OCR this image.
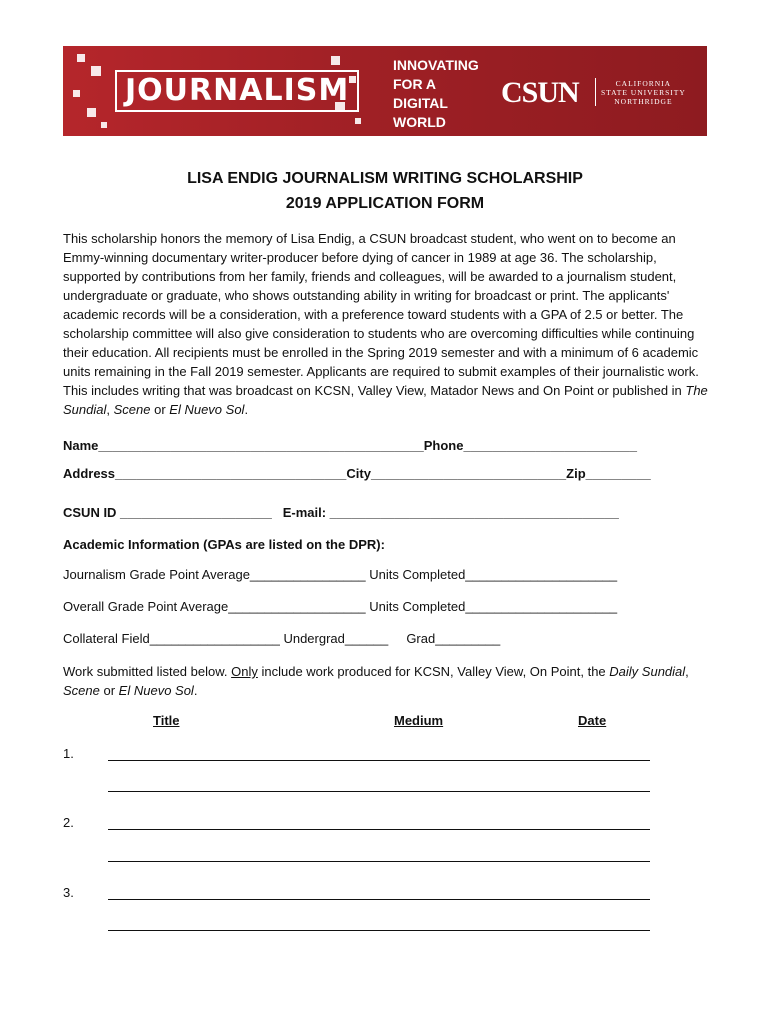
JOURNALISM
INNOVATING
FOR A
DIGITAL
WORLD
CSUN	CALIFORNIA
STATE UNIVERSITY
NORTHRIDGE
LISA ENDIG JOURNALISM WRITING SCHOLARSHIP
2019 APPLICATION FORM

This scholarship honors the memory of Lisa Endig, a CSUN broadcast student, who went on to become an Emmy-winning documentary writer-producer before dying of cancer in 1989 at age 36. The scholarship, supported by contributions from her family, friends and colleagues, will be awarded to a journalism student, undergraduate or graduate, who shows outstanding ability in writing for broadcast or print. The applicants' academic records will be a consideration, with a preference toward students with a GPA of 2.5 or better. The scholarship committee will also give consideration to students who are overcoming difficulties while continuing their education. All recipients must be enrolled in the Spring 2019 semester and with a minimum of 6 academic units remaining in the Fall 2019 semester. Applicants are required to submit examples of their journalistic work. This includes writing that was broadcast on KCSN, Valley View, Matador News and On Point or published in The Sundial, Scene or El Nuevo Sol.

Name_____________________________________________Phone________________________
Address________________________________City___________________________Zip_________
CSUN ID _____________________   E-mail: ________________________________________
Academic Information (GPAs are listed on the DPR):
Journalism Grade Point Average________________ Units Completed_____________________
Overall Grade Point Average___________________ Units Completed_____________________
Collateral Field__________________ Undergrad______     Grad_________

Work submitted listed below. Only include work produced for KCSN, Valley View, On Point, the Daily Sundial, Scene or El Nuevo Sol.

Title	Medium	Date
1.
2.
3.
